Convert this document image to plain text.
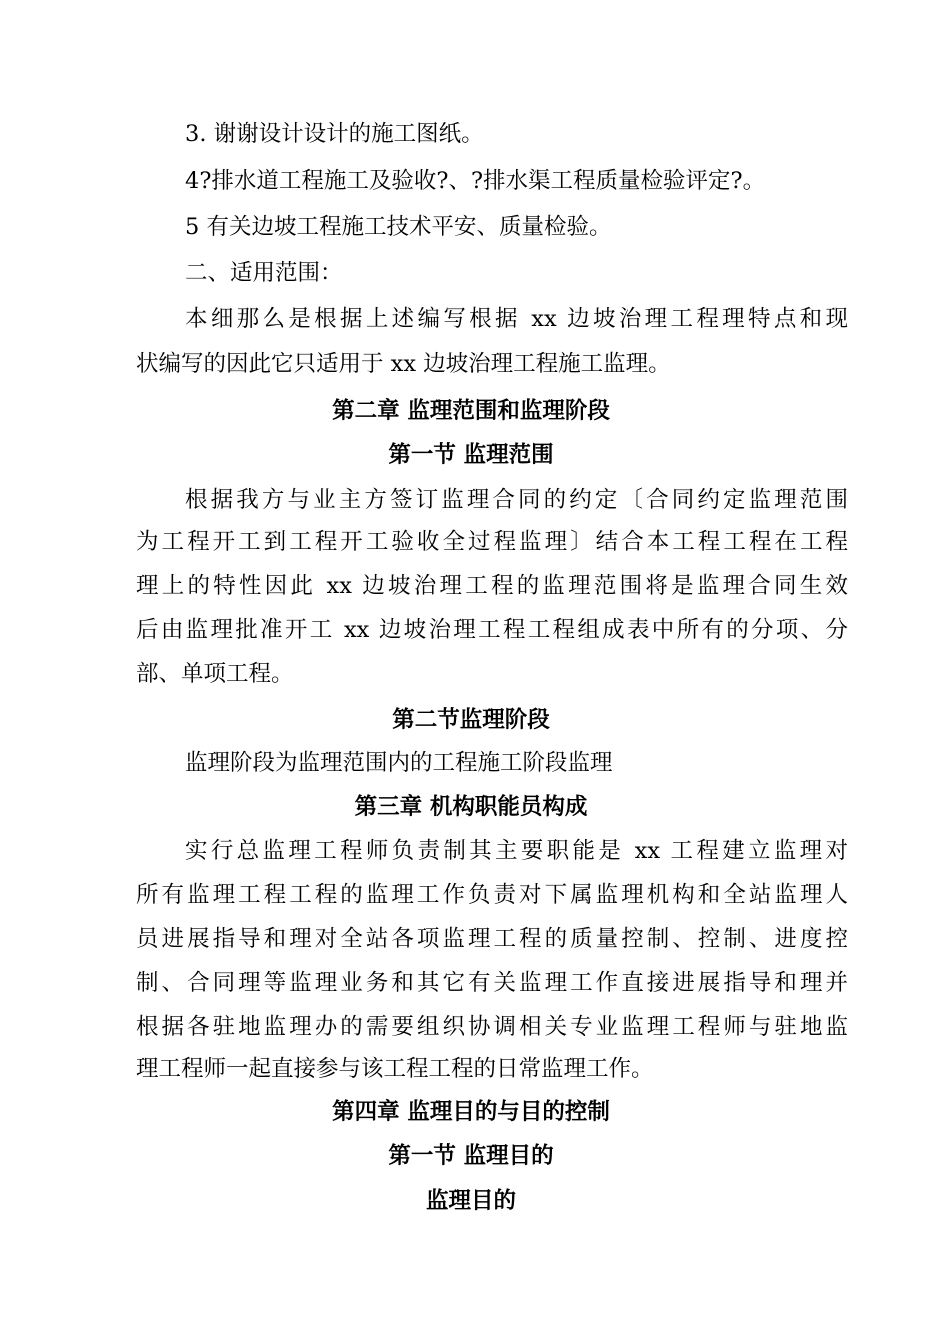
3. 谢谢设计设计的施工图纸。
4?排水道工程施工及验收?、?排水渠工程质量检验评定?。
5 有关边坡工程施工技术平安、质量检验。
二、适用范围：
本细那么是根据上述编写根据 xx 边坡治理工程理特点和现
状编写的因此它只适用于 xx 边坡治理工程施工监理。
第二章 监理范围和监理阶段
第一节 监理范围
根据我方与业主方签订监理合同的约定〔合同约定监理范围
为工程开工到工程开工验收全过程监理〕结合本工程工程在工程
理上的特性因此 xx 边坡治理工程的监理范围将是监理合同生效
后由监理批准开工 xx 边坡治理工程工程组成表中所有的分项、分
部、单项工程。
第二节监理阶段
监理阶段为监理范围内的工程施工阶段监理
第三章 机构职能员构成
实行总监理工程师负责制其主要职能是 xx 工程建立监理对
所有监理工程工程的监理工作负责对下属监理机构和全站监理人
员进展指导和理对全站各项监理工程的质量控制、控制、进度控
制、合同理等监理业务和其它有关监理工作直接进展指导和理并
根据各驻地监理办的需要组织协调相关专业监理工程师与驻地监
理工程师一起直接参与该工程工程的日常监理工作。
第四章 监理目的与目的控制
第一节 监理目的
监理目的
